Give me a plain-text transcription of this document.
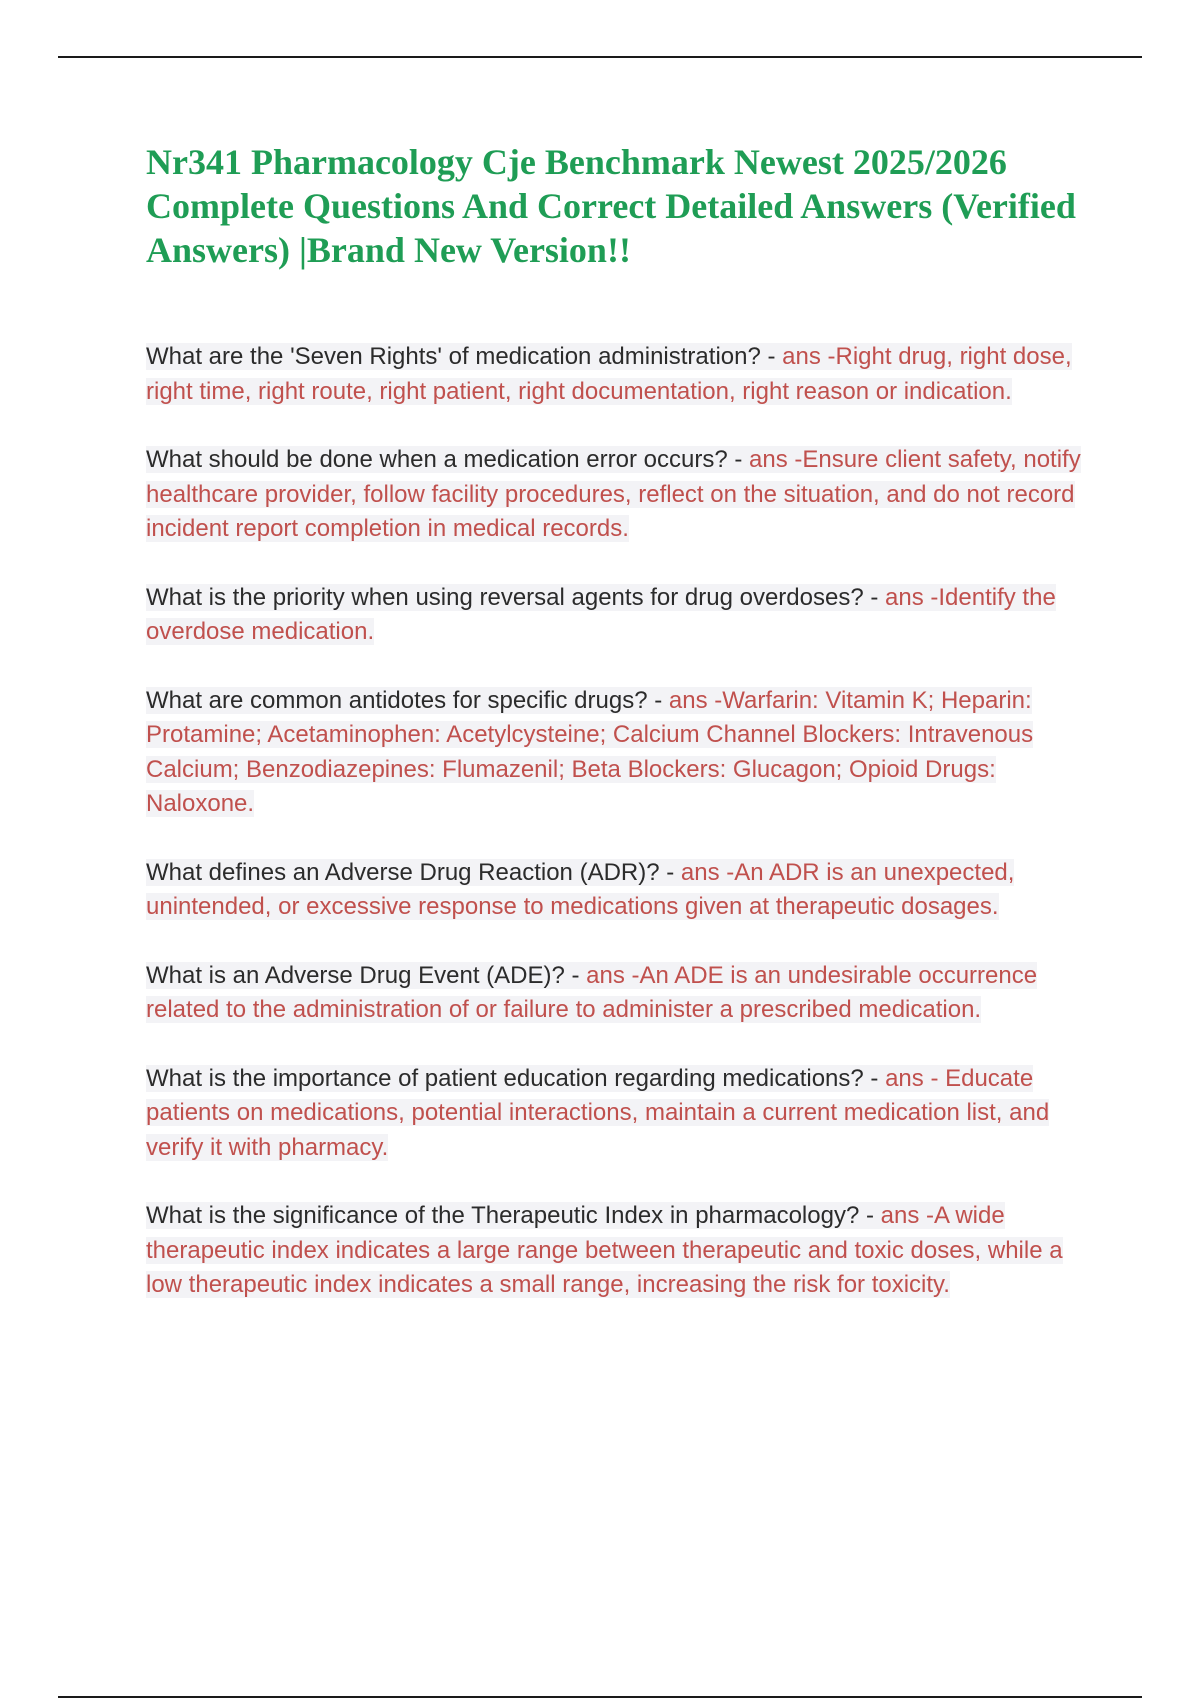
Nr341 Pharmacology Cje Benchmark Newest 2025/2026 Complete Questions And Correct Detailed Answers (Verified Answers) |Brand New Version!!

What are the 'Seven Rights' of medication administration? - ans -Right drug, right dose, right time, right route, right patient, right documentation, right reason or indication.

What should be done when a medication error occurs? - ans -Ensure client safety, notify healthcare provider, follow facility procedures, reflect on the situation, and do not record incident report completion in medical records.

What is the priority when using reversal agents for drug overdoses? - ans -Identify the overdose medication.

What are common antidotes for specific drugs? - ans -Warfarin: Vitamin K; Heparin: Protamine; Acetaminophen: Acetylcysteine; Calcium Channel Blockers: Intravenous Calcium; Benzodiazepines: Flumazenil; Beta Blockers: Glucagon; Opioid Drugs: Naloxone.

What defines an Adverse Drug Reaction (ADR)? - ans -An ADR is an unexpected, unintended, or excessive response to medications given at therapeutic dosages.

What is an Adverse Drug Event (ADE)? - ans -An ADE is an undesirable occurrence related to the administration of or failure to administer a prescribed medication.

What is the importance of patient education regarding medications? - ans - Educate patients on medications, potential interactions, maintain a current medication list, and verify it with pharmacy.

What is the significance of the Therapeutic Index in pharmacology? - ans -A wide therapeutic index indicates a large range between therapeutic and toxic doses, while a low therapeutic index indicates a small range, increasing the risk for toxicity.
